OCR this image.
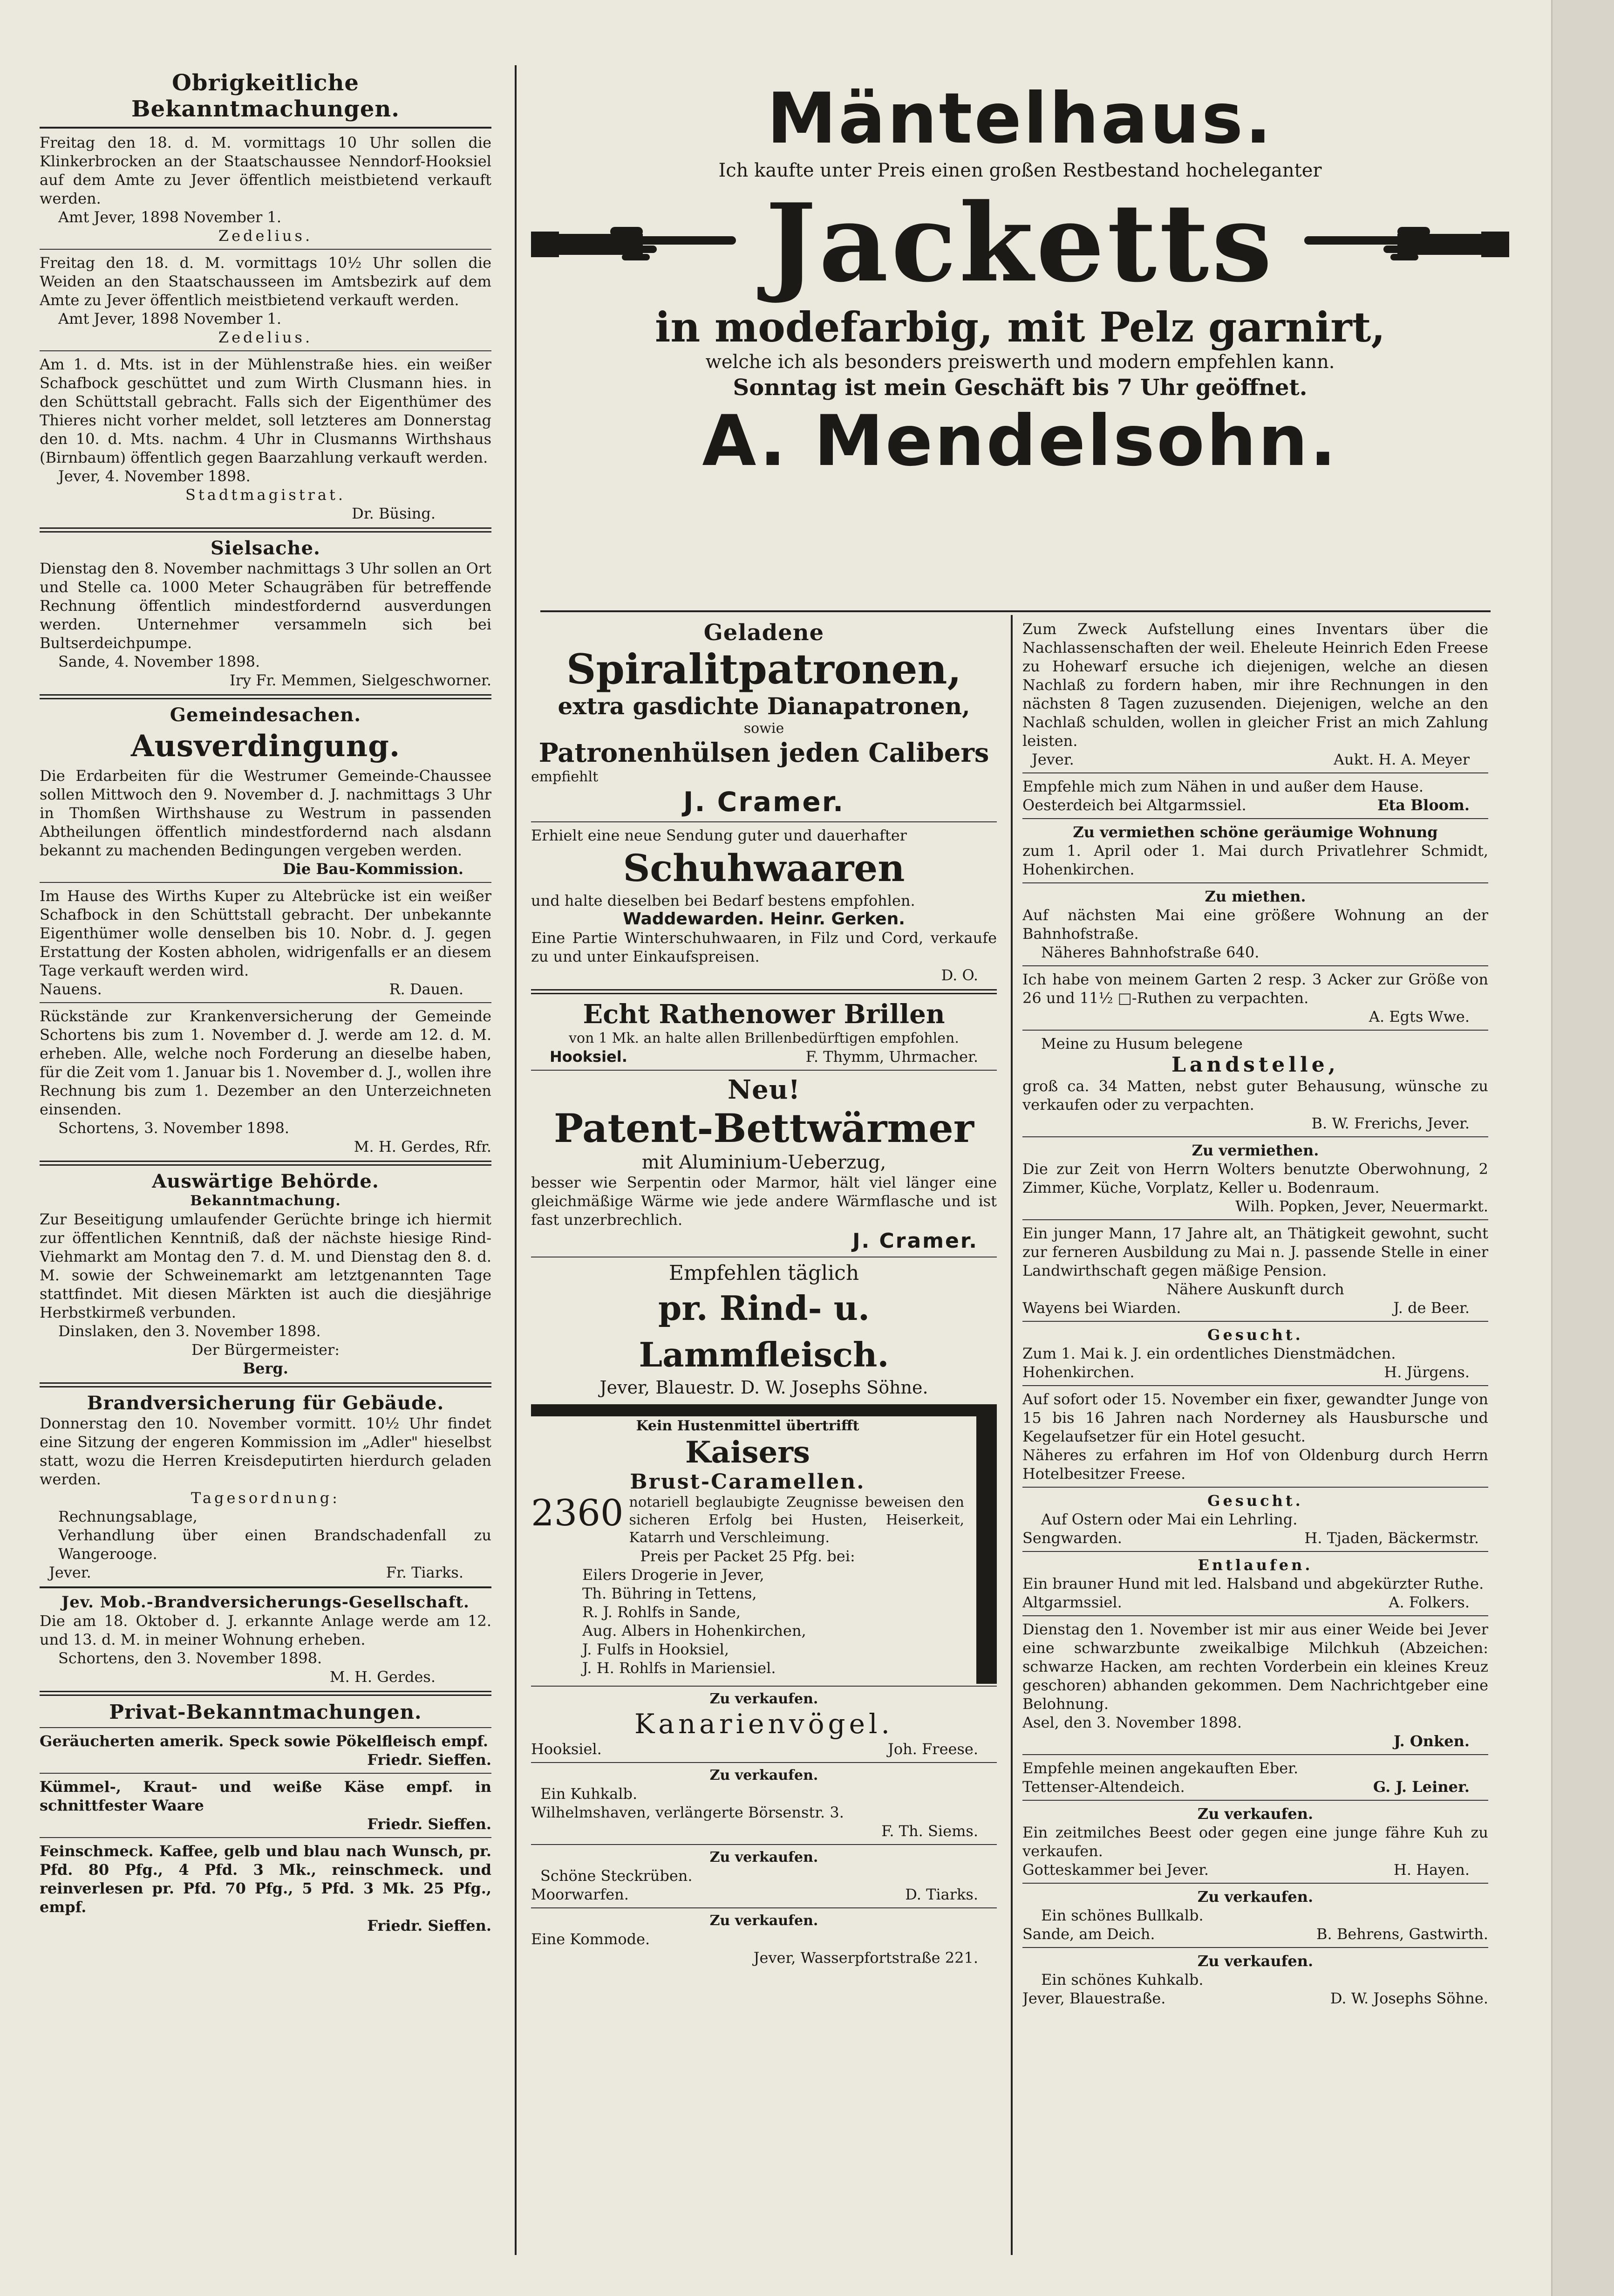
Obrigkeitliche Bekanntmachungen.
Freitag den 18. d. M. vormittags 10 Uhr sollen die Klinkerbrocken an der Staatschaussee Nenndorf-Hooksiel auf dem Amte zu Jever öffentlich meistbietend verkauft werden.
Amt Jever, 1898 November 1.
Zedelius.
Freitag den 18. d. M. vormittags 10½ Uhr sollen die Weiden an den Staatschausseen im Amtsbezirk auf dem Amte zu Jever öffentlich meistbietend verkauft werden.
Amt Jever, 1898 November 1.
Zedelius.
Am 1. d. Mts. ist in der Mühlenstraße hies. ein weißer Schafbock geschüttet und zum Wirth Clusmann hies. in den Schüttstall gebracht. Falls sich der Eigenthümer des Thieres nicht vorher meldet, soll letzteres am Donnerstag den 10. d. Mts. nachm. 4 Uhr in Clusmanns Wirthshaus (Birnbaum) öffentlich gegen Baarzahlung verkauft werden.
Jever, 4. November 1898.
Stadtmagistrat.
Dr. Büsing.
Sielsache.
Dienstag den 8. November nachmittags 3 Uhr sollen an Ort und Stelle ca. 1000 Meter Schaugräben für betreffende Rechnung öffentlich mindestfordernd ausverdungen werden. Unternehmer versammeln sich bei Bultserdeichpumpe.
Sande, 4. November 1898.
Iry Fr. Memmen, Sielgeschworner.
Gemeindesachen.
Ausverdingung.
Die Erdarbeiten für die Westrumer Gemeinde-Chaussee sollen Mittwoch den 9. November d. J. nachmittags 3 Uhr in Thomßen Wirthshause zu Westrum in passenden Abtheilungen öffentlich mindestfordernd nach alsdann bekannt zu machenden Bedingungen vergeben werden.
Die Bau-Kommission.
Im Hause des Wirths Kuper zu Altebrücke ist ein weißer Schafbock in den Schüttstall gebracht. Der unbekannte Eigenthümer wolle denselben bis 10. Nobr. d. J. gegen Erstattung der Kosten abholen, widrigenfalls er an diesem Tage verkauft werden wird.
Nauens.	R. Dauen.
Rückstände zur Krankenversicherung der Gemeinde Schortens bis zum 1. November d. J. werde am 12. d. M. erheben. Alle, welche noch Forderung an dieselbe haben, für die Zeit vom 1. Januar bis 1. November d. J., wollen ihre Rechnung bis zum 1. Dezember an den Unterzeichneten einsenden.
Schortens, 3. November 1898.
M. H. Gerdes, Rfr.
Auswärtige Behörde.
Bekanntmachung.
Zur Beseitigung umlaufender Gerüchte bringe ich hiermit zur öffentlichen Kenntniß, daß der nächste hiesige Rind-Viehmarkt am Montag den 7. d. M. und Dienstag den 8. d. M. sowie der Schweinemarkt am letztgenannten Tage stattfindet. Mit diesen Märkten ist auch die diesjährige Herbstkirmeß verbunden.
Dinslaken, den 3. November 1898.
Der Bürgermeister:
Berg.
Brandversicherung für Gebäude.
Donnerstag den 10. November vormitt. 10½ Uhr findet eine Sitzung der engeren Kommission im „Adler" hieselbst statt, wozu die Herren Kreisdeputirten hierdurch geladen werden.
Tagesordnung:
Rechnungsablage,
Verhandlung über einen Brandschadenfall zu Wangerooge.
Jever.	Fr. Tiarks.
Jev. Mob.-Brandversicherungs-Gesellschaft.
Die am 18. Oktober d. J. erkannte Anlage werde am 12. und 13. d. M. in meiner Wohnung erheben.
Schortens, den 3. November 1898.
M. H. Gerdes.
Privat-Bekanntmachungen.
Geräucherten amerik. Speck sowie Pökelfleisch empf.
Friedr. Sieffen.
Kümmel-, Kraut- und weiße Käse empf. in schnittfester Waare
Friedr. Sieffen.
Feinschmeck. Kaffee, gelb und blau nach Wunsch, pr. Pfd. 80 Pfg., 4 Pfd. 3 Mk., reinschmeck. und reinverlesen pr. Pfd. 70 Pfg., 5 Pfd. 3 Mk. 25 Pfg., empf.
Friedr. Sieffen.
Mäntelhaus.
Ich kaufte unter Preis einen großen Restbestand hocheleganter
Jacketts
in modefarbig, mit Pelz garnirt,
welche ich als besonders preiswerth und modern empfehlen kann.
Sonntag ist mein Geschäft bis 7 Uhr geöffnet.
A. Mendelsohn.
Geladene
Spiralitpatronen,
extra gasdichte Dianapatronen,
sowie
Patronenhülsen jeden Calibers
empfiehlt
J. Cramer.
Erhielt eine neue Sendung guter und dauerhafter
Schuhwaaren
und halte dieselben bei Bedarf bestens empfohlen.
Waddewarden. Heinr. Gerken.
Eine Partie Winterschuhwaaren, in Filz und Cord, verkaufe zu und unter Einkaufspreisen.
D. O.
Echt Rathenower Brillen
von 1 Mk. an halte allen Brillenbedürftigen empfohlen.
Hooksiel.	F. Thymm, Uhrmacher.
Neu!
Patent-Bettwärmer
mit Aluminium-Ueberzug,
besser wie Serpentin oder Marmor, hält viel länger eine gleichmäßige Wärme wie jede andere Wärmflasche und ist fast unzerbrechlich.
J. Cramer.
Empfehlen täglich
pr. Rind- u. Lammfleisch.
Jever, Blauestr. D. W. Josephs Söhne.
Kein Hustenmittel übertrifft
Kaisers
Brust-Caramellen.
2360 notariell beglaubigte Zeugnisse beweisen den sicheren Erfolg bei Husten, Heiserkeit, Katarrh und Verschleimung.
Preis per Packet 25 Pfg. bei:
Eilers Drogerie in Jever,
Th. Bühring in Tettens,
R. J. Rohlfs in Sande,
Aug. Albers in Hohenkirchen,
J. Fulfs in Hooksiel,
J. H. Rohlfs in Mariensiel.
Zu verkaufen.
Kanarienvögel.
Hooksiel.	Joh. Freese.
Zu verkaufen.
Ein Kuhkalb.
Wilhelmshaven, verlängerte Börsenstr. 3.
F. Th. Siems.
Zu verkaufen.
Schöne Steckrüben.
Moorwarfen.	D. Tiarks.
Zu verkaufen.
Eine Kommode.
Jever, Wasserpfortstraße 221.
Zum Zweck Aufstellung eines Inventars über die Nachlassenschaften der weil. Eheleute Heinrich Eden Freese zu Hohewarf ersuche ich diejenigen, welche an diesen Nachlaß zu fordern haben, mir ihre Rechnungen in den nächsten 8 Tagen zuzusenden. Diejenigen, welche an den Nachlaß schulden, wollen in gleicher Frist an mich Zahlung leisten.
Jever.	Aukt. H. A. Meyer
Empfehle mich zum Nähen in und außer dem Hause.
Oesterdeich bei Altgarmssiel.	Eta Bloom.
Zu vermiethen schöne geräumige Wohnung
zum 1. April oder 1. Mai durch Privatlehrer Schmidt, Hohenkirchen.
Zu miethen.
Auf nächsten Mai eine größere Wohnung an der Bahnhofstraße.
Näheres Bahnhofstraße 640.
Ich habe von meinem Garten 2 resp. 3 Acker zur Größe von 26 und 11½ □-Ruthen zu verpachten.
A. Egts Wwe.
Meine zu Husum belegene
Landstelle,
groß ca. 34 Matten, nebst guter Behausung, wünsche zu verkaufen oder zu verpachten.
B. W. Frerichs, Jever.
Zu vermiethen.
Die zur Zeit von Herrn Wolters benutzte Oberwohnung, 2 Zimmer, Küche, Vorplatz, Keller u. Bodenraum.
Wilh. Popken, Jever, Neuermarkt.
Ein junger Mann, 17 Jahre alt, an Thätigkeit gewohnt, sucht zur ferneren Ausbildung zu Mai n. J. passende Stelle in einer Landwirthschaft gegen mäßige Pension.
Nähere Auskunft durch
Wayens bei Wiarden.	J. de Beer.
Gesucht.
Zum 1. Mai k. J. ein ordentliches Dienstmädchen.
Hohenkirchen.	H. Jürgens.
Auf sofort oder 15. November ein fixer, gewandter Junge von 15 bis 16 Jahren nach Norderney als Hausbursche und Kegelaufsetzer für ein Hotel gesucht.
Näheres zu erfahren im Hof von Oldenburg durch Herrn Hotelbesitzer Freese.
Gesucht.
Auf Ostern oder Mai ein Lehrling.
Sengwarden.	H. Tjaden, Bäckermstr.
Entlaufen.
Ein brauner Hund mit led. Halsband und abgekürzter Ruthe.
Altgarmssiel.	A. Folkers.
Dienstag den 1. November ist mir aus einer Weide bei Jever eine schwarzbunte zweikalbige Milchkuh (Abzeichen: schwarze Hacken, am rechten Vorderbein ein kleines Kreuz geschoren) abhanden gekommen. Dem Nachrichtgeber eine Belohnung.
Asel, den 3. November 1898.
J. Onken.
Empfehle meinen angekauften Eber.
Tettenser-Altendeich.	G. J. Leiner.
Zu verkaufen.
Ein zeitmilches Beest oder gegen eine junge fähre Kuh zu verkaufen.
Gotteskammer bei Jever.	H. Hayen.
Zu verkaufen.
Ein schönes Bullkalb.
Sande, am Deich.	B. Behrens, Gastwirth.
Zu verkaufen.
Ein schönes Kuhkalb.
Jever, Blauestraße.	D. W. Josephs Söhne.
